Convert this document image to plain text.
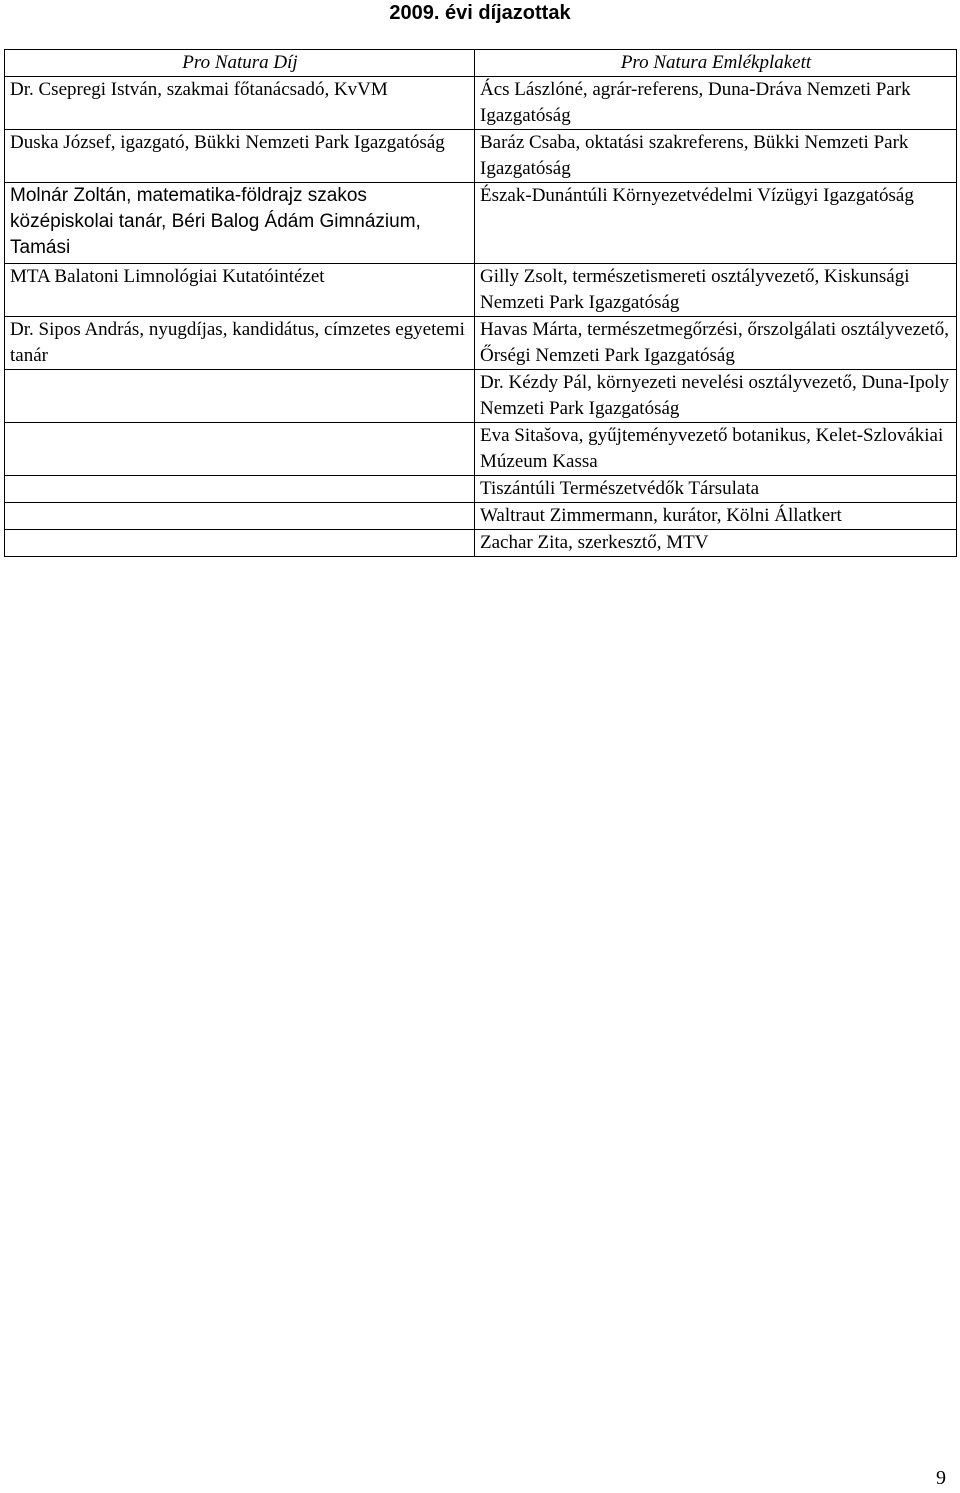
2009. évi díjazottak
Pro Natura Díj	Pro Natura Emlékplakett
Dr. Csepregi István, szakmai főtanácsadó, KvVM	Ács Lászlóné, agrár-referens, Duna-Dráva Nemzeti Park Igazgatóság
Duska József, igazgató, Bükki Nemzeti Park Igazgatóság	Baráz Csaba, oktatási szakreferens, Bükki Nemzeti Park Igazgatóság
Molnár Zoltán, matematika-földrajz szakos középiskolai tanár, Béri Balog Ádám Gimnázium, Tamási	Észak-Dunántúli Környezetvédelmi Vízügyi Igazgatóság
MTA Balatoni Limnológiai Kutatóintézet	Gilly Zsolt, természetismereti osztályvezető, Kiskunsági Nemzeti Park Igazgatóság
Dr. Sipos András, nyugdíjas, kandidátus, címzetes egyetemi tanár	Havas Márta, természetmegőrzési, őrszolgálati osztályvezető, Őrségi Nemzeti Park Igazgatóság
	Dr. Kézdy Pál, környezeti nevelési osztályvezető, Duna-Ipoly Nemzeti Park Igazgatóság
	Eva Sitašova, gyűjteményvezető botanikus, Kelet-Szlovákiai Múzeum Kassa
	Tiszántúli Természetvédők Társulata
	Waltraut Zimmermann, kurátor, Kölni Állatkert
	Zachar Zita, szerkesztő, MTV
9
